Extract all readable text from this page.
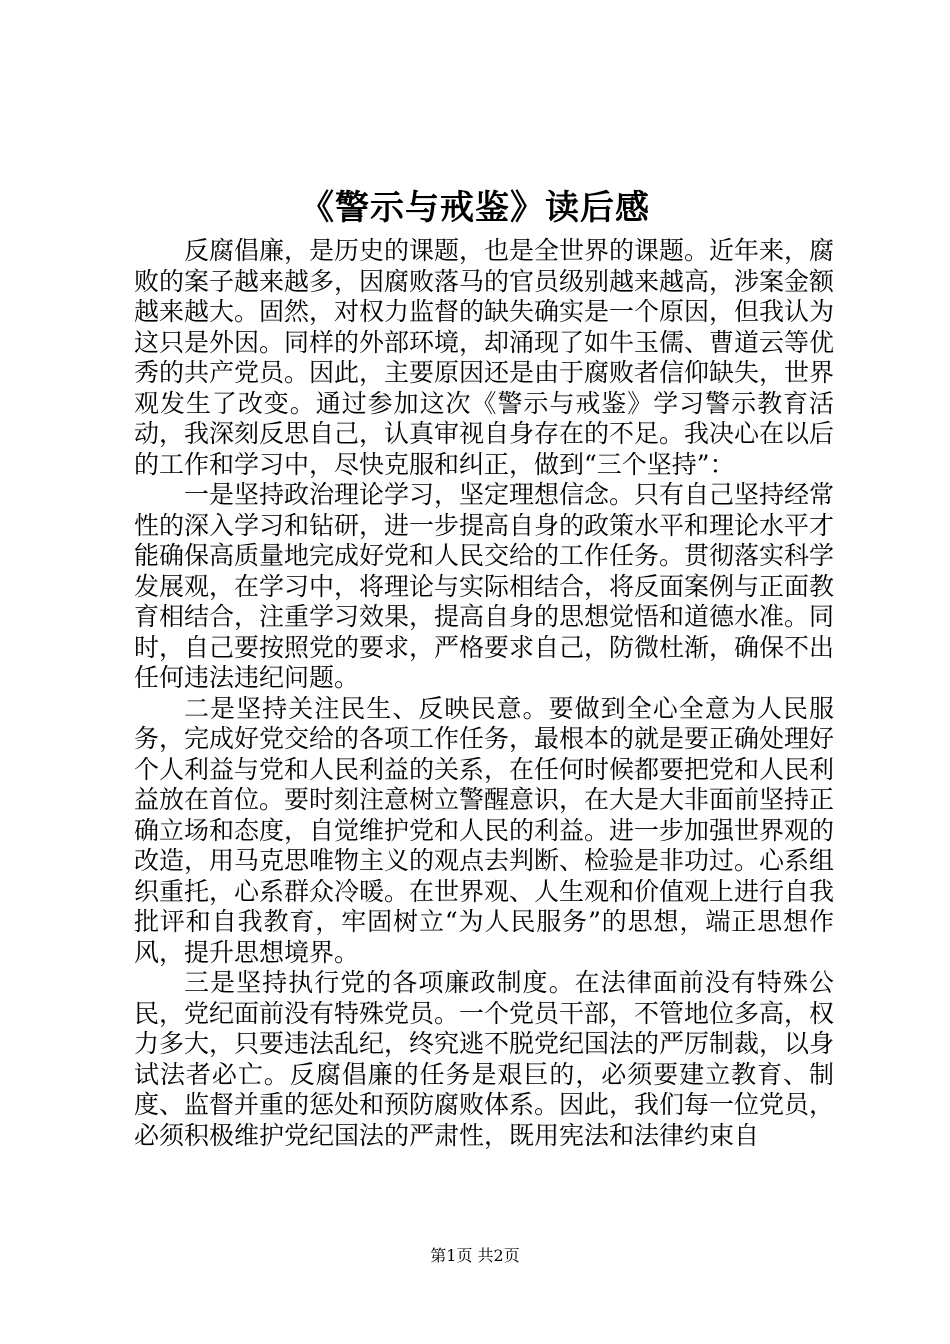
《警示与戒鉴》读后感

反腐倡廉，是历史的课题，也是全世界的课题。近年来，腐败的案子越来越多，因腐败落马的官员级别越来越高，涉案金额越来越大。固然，对权力监督的缺失确实是一个原因，但我认为这只是外因。同样的外部环境，却涌现了如牛玉儒、曹道云等优秀的共产党员。因此，主要原因还是由于腐败者信仰缺失，世界观发生了改变。通过参加这次《警示与戒鉴》学习警示教育活动，我深刻反思自己，认真审视自身存在的不足。我决心在以后的工作和学习中，尽快克服和纠正，做到“三个坚持”：

一是坚持政治理论学习，坚定理想信念。只有自己坚持经常性的深入学习和钻研，进一步提高自身的政策水平和理论水平才能确保高质量地完成好党和人民交给的工作任务。贯彻落实科学发展观，在学习中，将理论与实际相结合，将反面案例与正面教育相结合，注重学习效果，提高自身的思想觉悟和道德水准。同时，自己要按照党的要求，严格要求自己，防微杜渐，确保不出任何违法违纪问题。

二是坚持关注民生、反映民意。要做到全心全意为人民服务，完成好党交给的各项工作任务，最根本的就是要正确处理好个人利益与党和人民利益的关系，在任何时候都要把党和人民利益放在首位。要时刻注意树立警醒意识，在大是大非面前坚持正确立场和态度，自觉维护党和人民的利益。进一步加强世界观的改造，用马克思唯物主义的观点去判断、检验是非功过。心系组织重托，心系群众冷暖。在世界观、人生观和价值观上进行自我批评和自我教育，牢固树立“为人民服务”的思想，端正思想作风，提升思想境界。

三是坚持执行党的各项廉政制度。在法律面前没有特殊公民，党纪面前没有特殊党员。一个党员干部，不管地位多高，权力多大，只要违法乱纪，终究逃不脱党纪国法的严厉制裁，以身试法者必亡。反腐倡廉的任务是艰巨的，必须要建立教育、制度、监督并重的惩处和预防腐败体系。因此，我们每一位党员，必须积极维护党纪国法的严肃性，既用宪法和法律约束自

第1页 共2页
